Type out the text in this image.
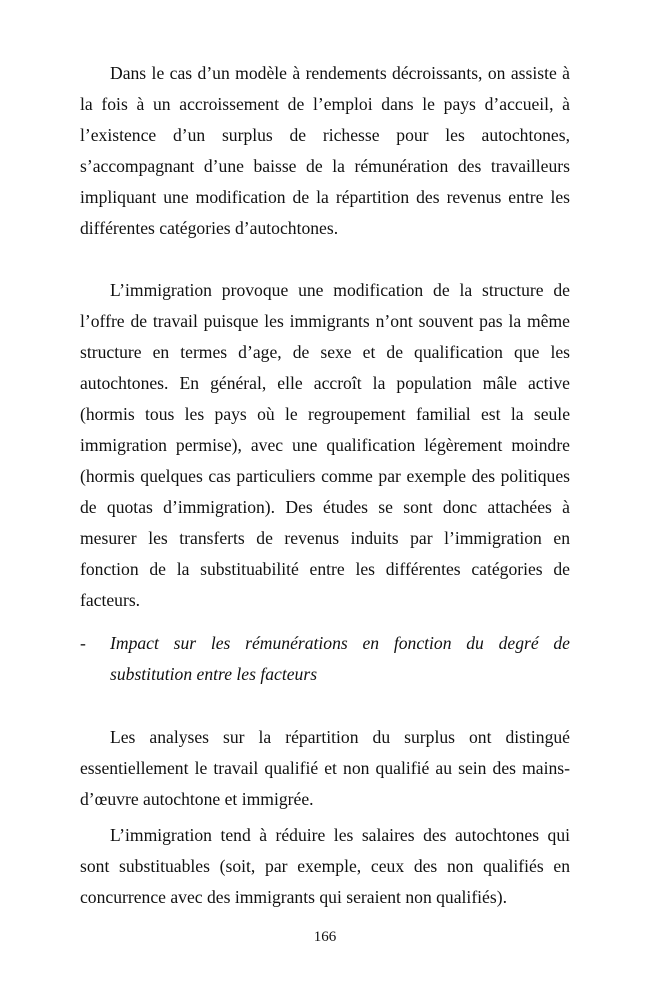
Dans le cas d’un modèle à rendements décroissants, on assiste à la fois à un accroissement de l’emploi dans le pays d’accueil, à l’existence d’un surplus de richesse pour les autochtones, s’accompagnant d’une baisse de la rémunération des travailleurs impliquant une modification de la répartition des revenus entre les différentes catégories d’autochtones.

L’immigration provoque une modification de la structure de l’offre de travail puisque les immigrants n’ont souvent pas la même structure en termes d’age, de sexe et de qualification que les autochtones. En général, elle accroît la population mâle active (hormis tous les pays où le regroupement familial est la seule immigration permise), avec une qualification légèrement moindre (hormis quelques cas particuliers comme par exemple des politiques de quotas d’immigration). Des études se sont donc attachées à mesurer les transferts de revenus induits par l’immigration en fonction de la substituabilité entre les différentes catégories de facteurs.

- Impact sur les rémunérations en fonction du degré de substitution entre les facteurs

Les analyses sur la répartition du surplus ont distingué essentiellement le travail qualifié et non qualifié au sein des mains-d’œuvre autochtone et immigrée.

L’immigration tend à réduire les salaires des autochtones qui sont substituables (soit, par exemple, ceux des non qualifiés en concurrence avec des immigrants qui seraient non qualifiés).

166
